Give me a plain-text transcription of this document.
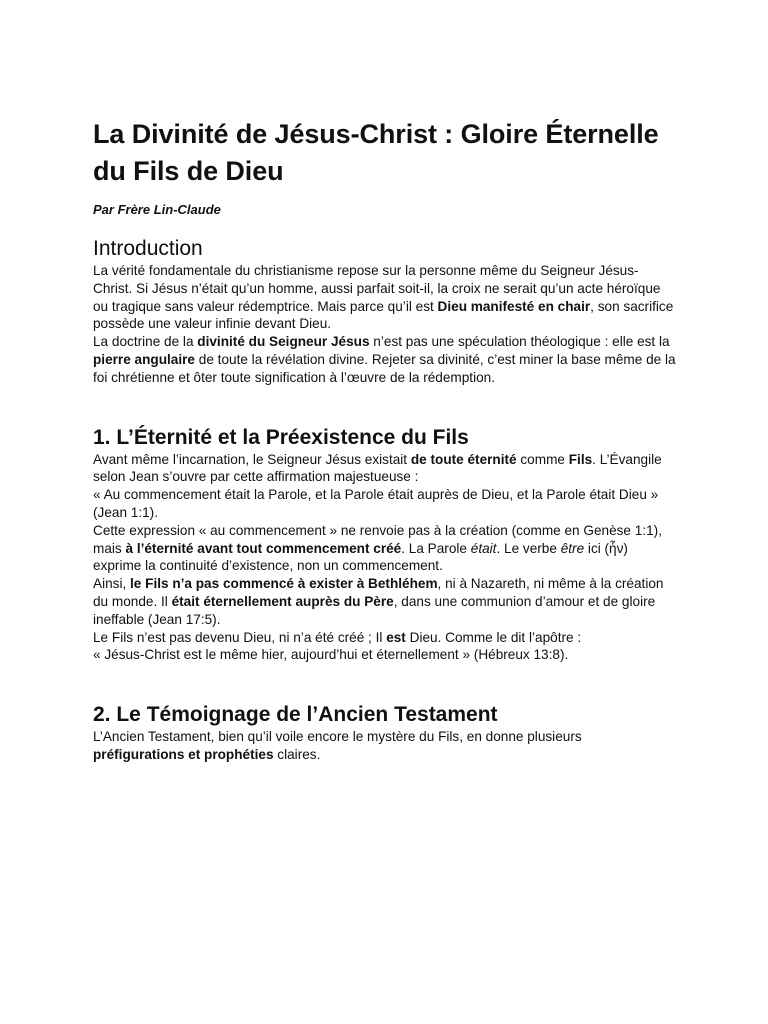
La Divinité de Jésus-Christ : Gloire Éternelle du Fils de Dieu

Par Frère Lin-Claude

Introduction

La vérité fondamentale du christianisme repose sur la personne même du Seigneur Jésus-Christ. Si Jésus n’était qu’un homme, aussi parfait soit-il, la croix ne serait qu’un acte héroïque ou tragique sans valeur rédemptrice. Mais parce qu’il est Dieu manifesté en chair, son sacrifice possède une valeur infinie devant Dieu.

La doctrine de la divinité du Seigneur Jésus n’est pas une spéculation théologique : elle est la pierre angulaire de toute la révélation divine. Rejeter sa divinité, c’est miner la base même de la foi chrétienne et ôter toute signification à l’œuvre de la rédemption.

1. L’Éternité et la Préexistence du Fils

Avant même l’incarnation, le Seigneur Jésus existait de toute éternité comme Fils. L’Évangile selon Jean s’ouvre par cette affirmation majestueuse :

« Au commencement était la Parole, et la Parole était auprès de Dieu, et la Parole était Dieu » (Jean 1:1).

Cette expression « au commencement » ne renvoie pas à la création (comme en Genèse 1:1), mais à l’éternité avant tout commencement créé. La Parole était. Le verbe être ici (ἦν) exprime la continuité d’existence, non un commencement.

Ainsi, le Fils n’a pas commencé à exister à Bethléhem, ni à Nazareth, ni même à la création du monde. Il était éternellement auprès du Père, dans une communion d’amour et de gloire ineffable (Jean 17:5).

Le Fils n’est pas devenu Dieu, ni n’a été créé ; Il est Dieu. Comme le dit l’apôtre :

« Jésus-Christ est le même hier, aujourd’hui et éternellement » (Hébreux 13:8).

2. Le Témoignage de l’Ancien Testament

L’Ancien Testament, bien qu’il voile encore le mystère du Fils, en donne plusieurs préfigurations et prophéties claires.
